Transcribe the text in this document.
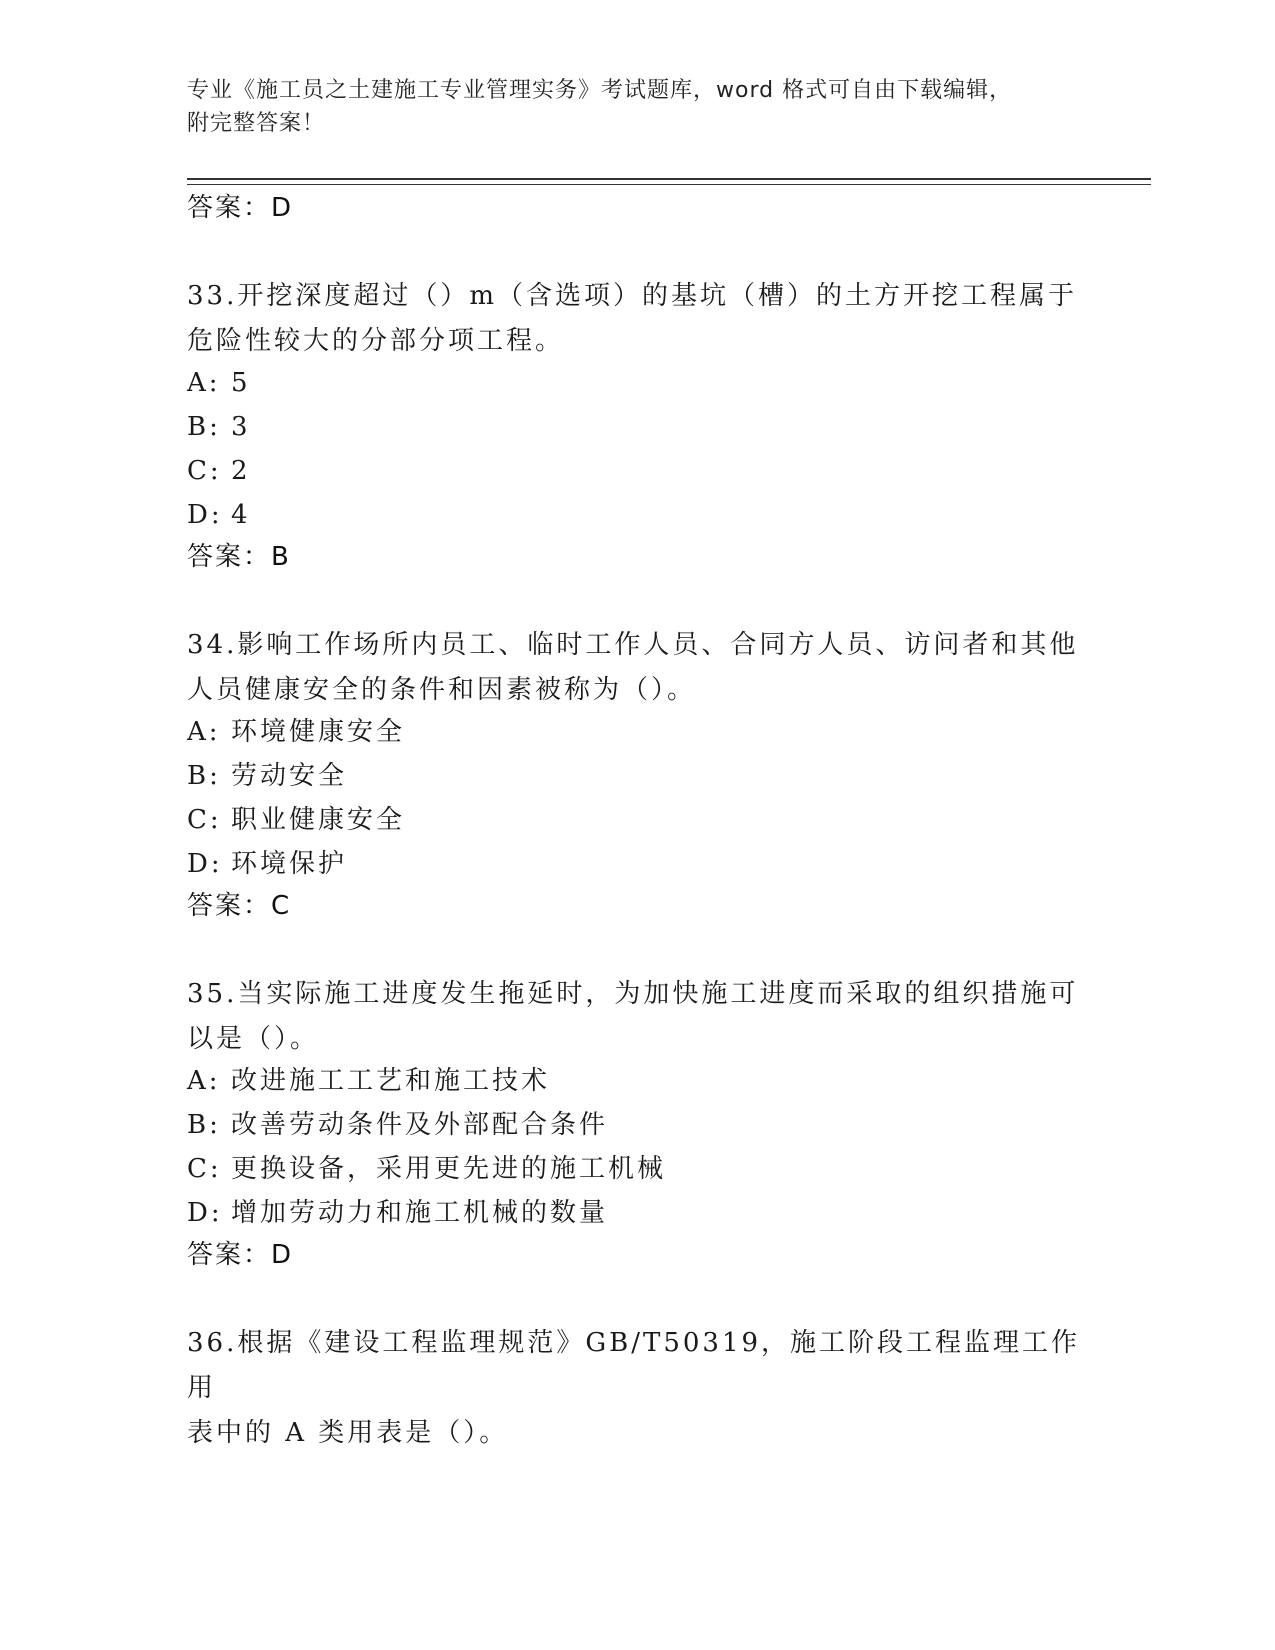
专业《施工员之土建施工专业管理实务》考试题库，word 格式可自由下载编辑，
附完整答案！
答案：D
33.开挖深度超过（）m（含选项）的基坑（槽）的土方开挖工程属于
危险性较大的分部分项工程。
A: 5
B: 3
C: 2
D: 4
答案：B
34.影响工作场所内员工、临时工作人员、合同方人员、访问者和其他
人员健康安全的条件和因素被称为（）。
A: 环境健康安全
B: 劳动安全
C: 职业健康安全
D: 环境保护
答案：C
35.当实际施工进度发生拖延时，为加快施工进度而采取的组织措施可
以是（）。
A: 改进施工工艺和施工技术
B: 改善劳动条件及外部配合条件
C: 更换设备，采用更先进的施工机械
D: 增加劳动力和施工机械的数量
答案：D
36.根据《建设工程监理规范》GB/T50319，施工阶段工程监理工作用
表中的 A 类用表是（）。
